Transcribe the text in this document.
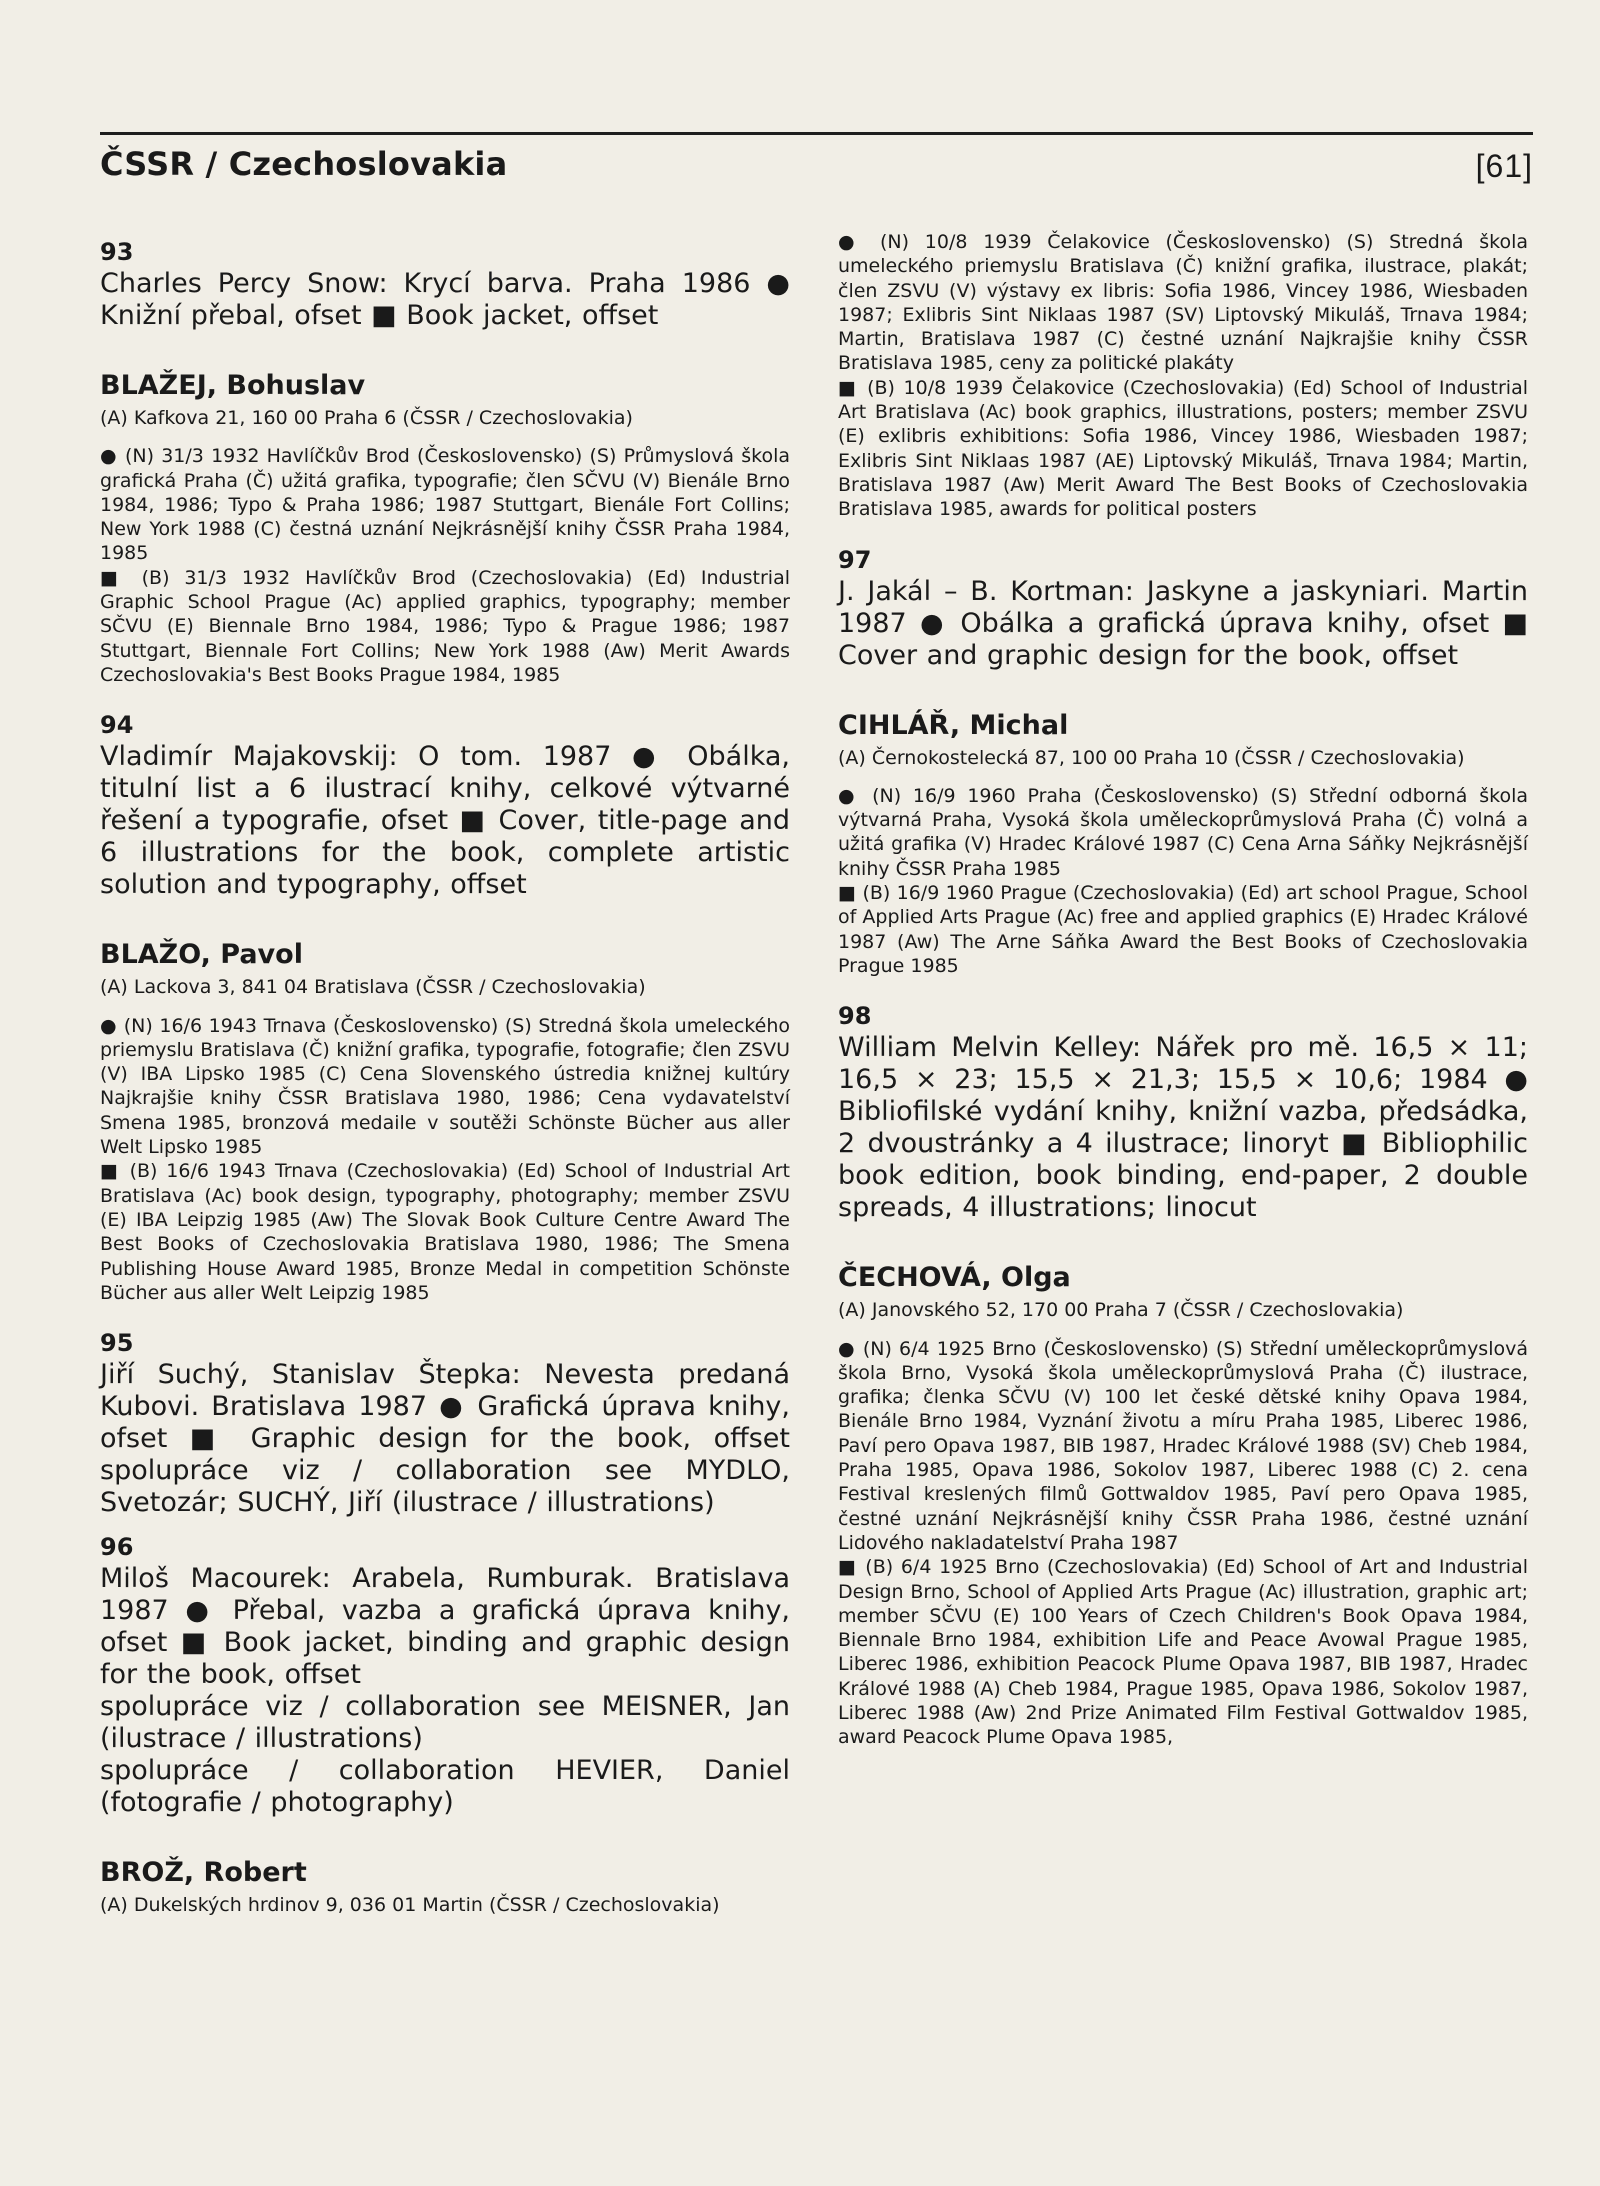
ČSSR / Czechoslovakia	[61]
93
Charles Percy Snow: Krycí barva. Praha 1986 ● Knižní přebal, ofset ■ Book jacket, offset
BLAŽEJ, Bohuslav

(A) Kafkova 21, 160 00 Praha 6 (ČSSR / Czechoslovakia)

● (N) 31/3 1932 Havlíčkův Brod (Československo) (S) Průmyslová škola grafická Praha (Č) užitá grafika, typografie; člen SČVU (V) Bienále Brno 1984, 1986; Typo & Praha 1986; 1987 Stuttgart, Bienále Fort Collins; New York 1988 (C) čestná uznání Nejkrásnější knihy ČSSR Praha 1984, 1985

■ (B) 31/3 1932 Havlíčkův Brod (Czechoslovakia) (Ed) Industrial Graphic School Prague (Ac) applied graphics, typography; member SČVU (E) Biennale Brno 1984, 1986; Typo & Prague 1986; 1987 Stuttgart, Biennale Fort Collins; New York 1988 (Aw) Merit Awards Czechoslovakia's Best Books Prague 1984, 1985

94
Vladimír Majakovskij: O tom. 1987 ● Obálka, titulní list a 6 ilustrací knihy, celkové výtvarné řešení a typografie, ofset ■ Cover, title-page and 6 illustrations for the book, complete artistic solution and typography, offset
BLAŽO, Pavol

(A) Lackova 3, 841 04 Bratislava (ČSSR / Czechoslovakia)

● (N) 16/6 1943 Trnava (Československo) (S) Stredná škola umeleckého priemyslu Bratislava (Č) knižní grafika, typografie, fotografie; člen ZSVU (V) IBA Lipsko 1985 (C) Cena Slovenského ústredia knižnej kultúry Najkrajšie knihy ČSSR Bratislava 1980, 1986; Cena vydavatelství Smena 1985, bronzová medaile v soutěži Schönste Bücher aus aller Welt Lipsko 1985

■ (B) 16/6 1943 Trnava (Czechoslovakia) (Ed) School of Industrial Art Bratislava (Ac) book design, typography, photography; member ZSVU (E) IBA Leipzig 1985 (Aw) The Slovak Book Culture Centre Award The Best Books of Czechoslovakia Bratislava 1980, 1986; The Smena Publishing House Award 1985, Bronze Medal in competition Schönste Bücher aus aller Welt Leipzig 1985

95
Jiří Suchý, Stanislav Štepka: Nevesta predaná Kubovi. Bratislava 1987 ● Grafická úprava knihy, ofset ■ Graphic design for the book, offset spolupráce viz / collaboration see MYDLO, Svetozár; SUCHÝ, Jiří (ilustrace / illustrations)
96

Miloš Macourek: Arabela, Rumburak. Bratislava 1987 ● Přebal, vazba a grafická úprava knihy, ofset ■ Book jacket, binding and graphic design for the book, offset

spolupráce viz / collaboration see MEISNER, Jan (ilustrace / illustrations)

spolupráce / collaboration HEVIER, Daniel (fotografie / photography)

BROŽ, Robert

(A) Dukelských hrdinov 9, 036 01 Martin (ČSSR / Czechoslovakia)

● (N) 10/8 1939 Čelakovice (Československo) (S) Stredná škola umeleckého priemyslu Bratislava (Č) knižní grafika, ilustrace, plakát; člen ZSVU (V) výstavy ex libris: Sofia 1986, Vincey 1986, Wiesbaden 1987; Exlibris Sint Niklaas 1987 (SV) Liptovský Mikuláš, Trnava 1984; Martin, Bratislava 1987 (C) čestné uznání Najkrajšie knihy ČSSR Bratislava 1985, ceny za politické plakáty

■ (B) 10/8 1939 Čelakovice (Czechoslovakia) (Ed) School of Industrial Art Bratislava (Ac) book graphics, illustrations, posters; member ZSVU (E) exlibris exhibitions: Sofia 1986, Vincey 1986, Wiesbaden 1987; Exlibris Sint Niklaas 1987 (AE) Liptovský Mikuláš, Trnava 1984; Martin, Bratislava 1987 (Aw) Merit Award The Best Books of Czechoslovakia Bratislava 1985, awards for political posters

97
J. Jakál – B. Kortman: Jaskyne a jaskyniari. Martin 1987 ● Obálka a grafická úprava knihy, ofset ■ Cover and graphic design for the book, offset
CIHLÁŘ, Michal

(A) Černokostelecká 87, 100 00 Praha 10 (ČSSR / Czechoslovakia)

● (N) 16/9 1960 Praha (Československo) (S) Střední odborná škola výtvarná Praha, Vysoká škola uměleckoprůmyslová Praha (Č) volná a užitá grafika (V) Hradec Králové 1987 (C) Cena Arna Sáňky Nejkrásnější knihy ČSSR Praha 1985

■ (B) 16/9 1960 Prague (Czechoslovakia) (Ed) art school Prague, School of Applied Arts Prague (Ac) free and applied graphics (E) Hradec Králové 1987 (Aw) The Arne Sáňka Award the Best Books of Czechoslovakia Prague 1985

98
William Melvin Kelley: Nářek pro mě. 16,5 × 11; 16,5 × 23; 15,5 × 21,3; 15,5 × 10,6; 1984 ● Bibliofilské vydání knihy, knižní vazba, předsádka, 2 dvoustránky a 4 ilustrace; linoryt ■ Bibliophilic book edition, book binding, end-paper, 2 double spreads, 4 illustrations; linocut
ČECHOVÁ, Olga

(A) Janovského 52, 170 00 Praha 7 (ČSSR / Czechoslovakia)

● (N) 6/4 1925 Brno (Československo) (S) Střední uměleckoprůmyslová škola Brno, Vysoká škola uměleckoprůmyslová Praha (Č) ilustrace, grafika; členka SČVU (V) 100 let české dětské knihy Opava 1984, Bienále Brno 1984, Vyznání životu a míru Praha 1985, Liberec 1986, Paví pero Opava 1987, BIB 1987, Hradec Králové 1988 (SV) Cheb 1984, Praha 1985, Opava 1986, Sokolov 1987, Liberec 1988 (C) 2. cena Festival kreslených filmů Gottwaldov 1985, Paví pero Opava 1985, čestné uznání Nejkrásnější knihy ČSSR Praha 1986, čestné uznání Lidového nakladatelství Praha 1987

■ (B) 6/4 1925 Brno (Czechoslovakia) (Ed) School of Art and Industrial Design Brno, School of Applied Arts Prague (Ac) illustration, graphic art; member SČVU (E) 100 Years of Czech Children's Book Opava 1984, Biennale Brno 1984, exhibition Life and Peace Avowal Prague 1985, Liberec 1986, exhibition Peacock Plume Opava 1987, BIB 1987, Hradec Králové 1988 (A) Cheb 1984, Prague 1985, Opava 1986, Sokolov 1987, Liberec 1988 (Aw) 2nd Prize Animated Film Festival Gottwaldov 1985, award Peacock Plume Opava 1985,
